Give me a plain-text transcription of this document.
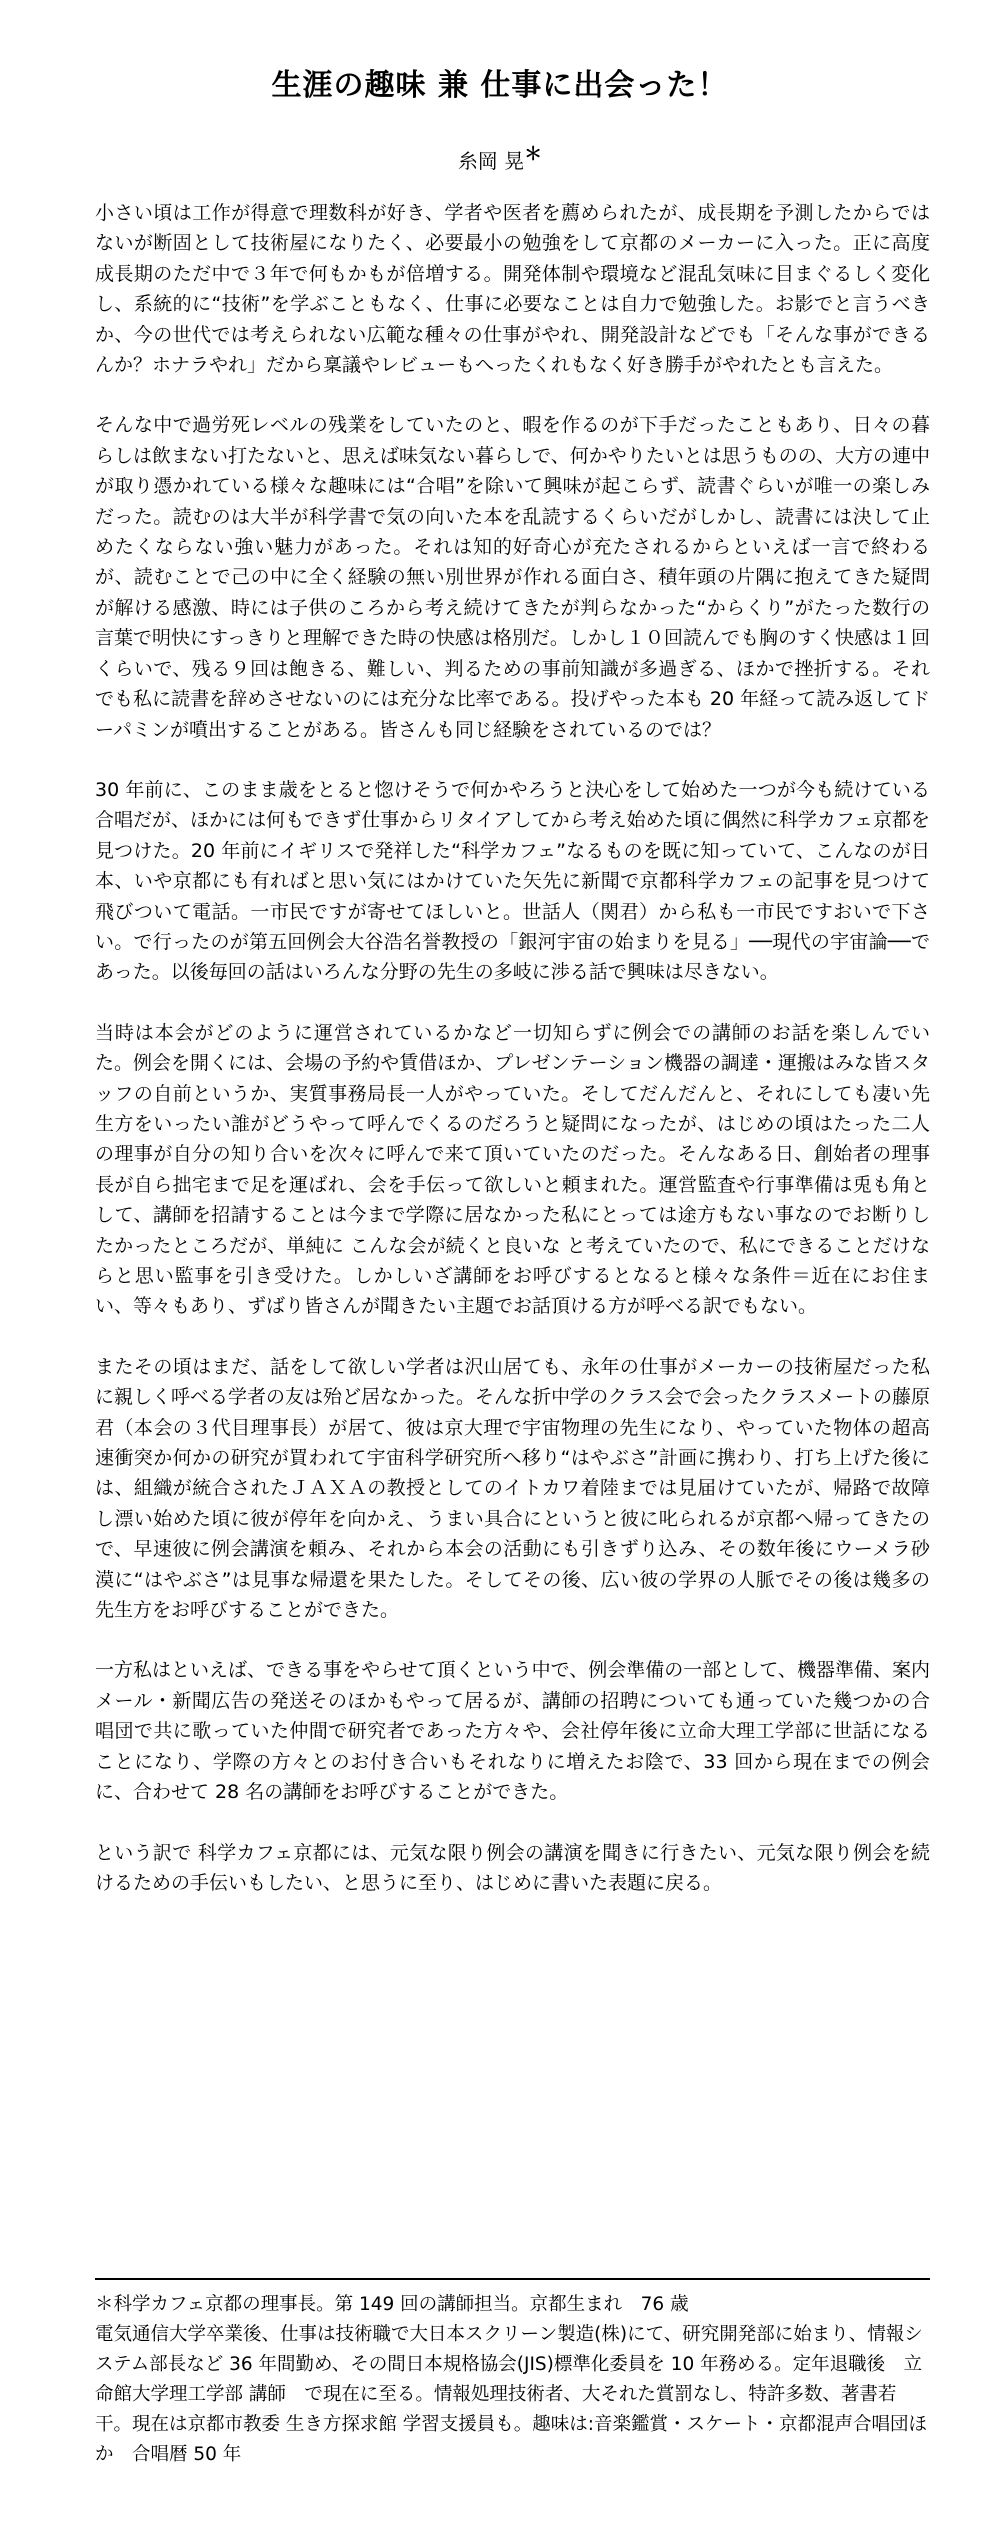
生涯の趣味 兼 仕事に出会った！
糸岡 晃＊

小さい頃は工作が得意で理数科が好き、学者や医者を薦められたが、成長期を予測したからではないが断固として技術屋になりたく、必要最小の勉強をして京都のメーカーに入った。正に高度成長期のただ中で３年で何もかもが倍増する。開発体制や環境など混乱気味に目まぐるしく変化し、系統的に“技術”を学ぶこともなく、仕事に必要なことは自力で勉強した。お影でと言うべきか、今の世代では考えられない広範な種々の仕事がやれ、開発設計などでも「そんな事ができるんか？ホナラやれ」だから稟議やレビューもへったくれもなく好き勝手がやれたとも言えた。

そんな中で過労死レベルの残業をしていたのと、暇を作るのが下手だったこともあり、日々の暮らしは飲まない打たないと、思えば味気ない暮らしで、何かやりたいとは思うものの、大方の連中が取り憑かれている様々な趣味には“合唱”を除いて興味が起こらず、読書ぐらいが唯一の楽しみだった。読むのは大半が科学書で気の向いた本を乱読するくらいだがしかし、読書には決して止めたくならない強い魅力があった。それは知的好奇心が充たされるからといえば一言で終わるが、読むことで己の中に全く経験の無い別世界が作れる面白さ、積年頭の片隅に抱えてきた疑問が解ける感激、時には子供のころから考え続けてきたが判らなかった“からくり”がたった数行の言葉で明快にすっきりと理解できた時の快感は格別だ。しかし１０回読んでも胸のすく快感は１回くらいで、残る９回は飽きる、難しい、判るための事前知識が多過ぎる、ほかで挫折する。それでも私に読書を辞めさせないのには充分な比率である。投げやった本も 20 年経って読み返してドーパミンが噴出することがある。皆さんも同じ経験をされているのでは？

30 年前に、このまま歳をとると惚けそうで何かやろうと決心をして始めた一つが今も続けている合唱だが、ほかには何もできず仕事からリタイアしてから考え始めた頃に偶然に科学カフェ京都を見つけた。20 年前にイギリスで発祥した“科学カフェ”なるものを既に知っていて、こんなのが日本、いや京都にも有ればと思い気にはかけていた矢先に新聞で京都科学カフェの記事を見つけて飛びついて電話。一市民ですが寄せてほしいと。世話人（関君）から私も一市民ですおいで下さい。で行ったのが第五回例会大谷浩名誉教授の「銀河宇宙の始まりを見る」──現代の宇宙論──であった。以後毎回の話はいろんな分野の先生の多岐に渉る話で興味は尽きない。

当時は本会がどのように運営されているかなど一切知らずに例会での講師のお話を楽しんでいた。例会を開くには、会場の予約や賃借ほか、プレゼンテーション機器の調達・運搬はみな皆スタッフの自前というか、実質事務局長一人がやっていた。そしてだんだんと、それにしても凄い先生方をいったい誰がどうやって呼んでくるのだろうと疑問になったが、はじめの頃はたった二人の理事が自分の知り合いを次々に呼んで来て頂いていたのだった。そんなある日、創始者の理事長が自ら拙宅まで足を運ばれ、会を手伝って欲しいと頼まれた。運営監査や行事準備は兎も角として、講師を招請することは今まで学際に居なかった私にとっては途方もない事なのでお断りしたかったところだが、単純に こんな会が続くと良いな と考えていたので、私にできることだけならと思い監事を引き受けた。しかしいざ講師をお呼びするとなると様々な条件＝近在にお住まい、等々もあり、ずばり皆さんが聞きたい主題でお話頂ける方が呼べる訳でもない。

またその頃はまだ、話をして欲しい学者は沢山居ても、永年の仕事がメーカーの技術屋だった私に親しく呼べる学者の友は殆ど居なかった。そんな折中学のクラス会で会ったクラスメートの藤原君（本会の３代目理事長）が居て、彼は京大理で宇宙物理の先生になり、やっていた物体の超高速衝突か何かの研究が買われて宇宙科学研究所へ移り“はやぶさ”計画に携わり、打ち上げた後には、組織が統合されたＪＡＸＡの教授としてのイトカワ着陸までは見届けていたが、帰路で故障し漂い始めた頃に彼が停年を向かえ、うまい具合にというと彼に叱られるが京都へ帰ってきたので、早速彼に例会講演を頼み、それから本会の活動にも引きずり込み、その数年後にウーメラ砂漠に“はやぶさ”は見事な帰還を果たした。そしてその後、広い彼の学界の人脈でその後は幾多の先生方をお呼びすることができた。

一方私はといえば、できる事をやらせて頂くという中で、例会準備の一部として、機器準備、案内メール・新聞広告の発送そのほかもやって居るが、講師の招聘についても通っていた幾つかの合唱団で共に歌っていた仲間で研究者であった方々や、会社停年後に立命大理工学部に世話になることになり、学際の方々とのお付き合いもそれなりに増えたお陰で、33 回から現在までの例会に、合わせて 28 名の講師をお呼びすることができた。

という訳で 科学カフェ京都には、元気な限り例会の講演を聞きに行きたい、元気な限り例会を続けるための手伝いもしたい、と思うに至り、はじめに書いた表題に戻る。

＊科学カフェ京都の理事長。第 149 回の講師担当。京都生まれ　76 歳

電気通信大学卒業後、仕事は技術職で大日本スクリーン製造(株)にて、研究開発部に始まり、情報システム部長など 36 年間勤め、その間日本規格協会(JIS)標準化委員を 10 年務める。定年退職後　立命館大学理工学部 講師　で現在に至る。情報処理技術者、大それた賞罰なし、特許多数、著書若干。現在は京都市教委 生き方探求館 学習支援員も。趣味は:音楽鑑賞・スケート・京都混声合唱団ほか　合唱暦 50 年
